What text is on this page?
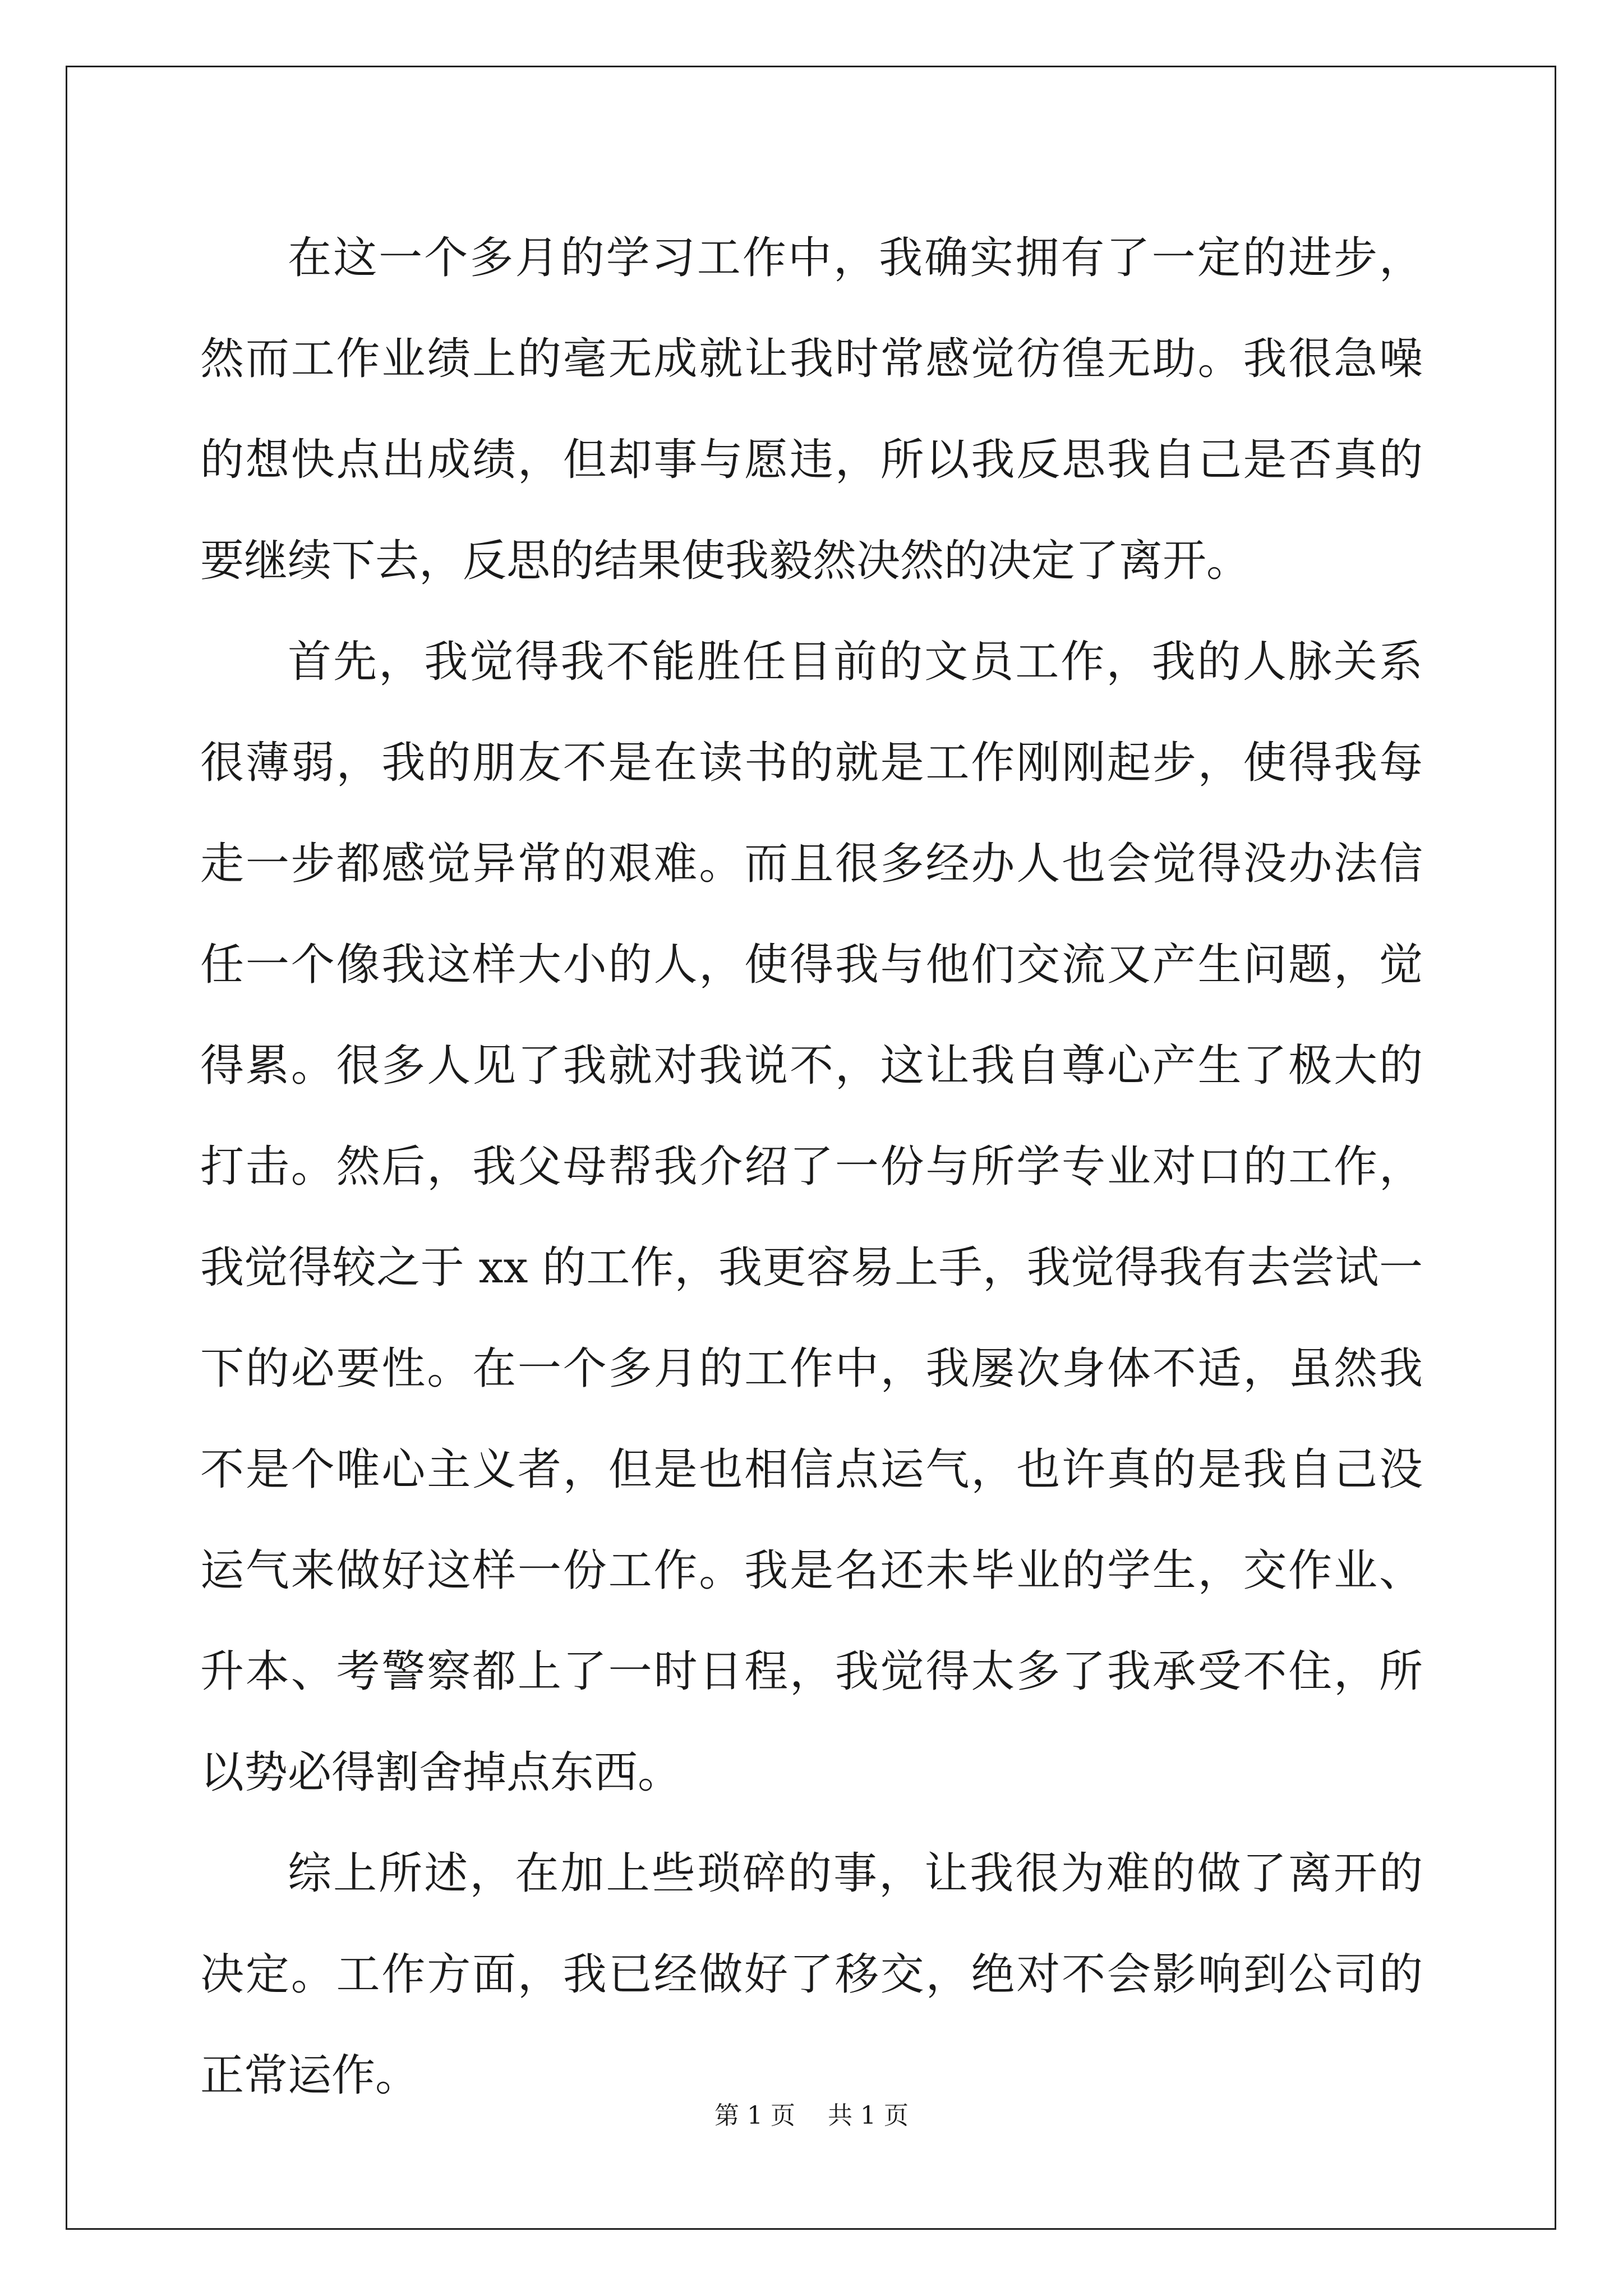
在这一个多月的学习工作中，我确实拥有了一定的进步，然而工作业绩上的毫无成就让我时常感觉彷徨无助。我很急噪的想快点出成绩，但却事与愿违，所以我反思我自己是否真的要继续下去，反思的结果使我毅然决然的决定了离开。

首先，我觉得我不能胜任目前的文员工作，我的人脉关系很薄弱，我的朋友不是在读书的就是工作刚刚起步，使得我每走一步都感觉异常的艰难。而且很多经办人也会觉得没办法信任一个像我这样大小的人，使得我与他们交流又产生问题，觉得累。很多人见了我就对我说不，这让我自尊心产生了极大的打击。然后，我父母帮我介绍了一份与所学专业对口的工作，我觉得较之于 xx 的工作，我更容易上手，我觉得我有去尝试一下的必要性。在一个多月的工作中，我屡次身体不适，虽然我不是个唯心主义者，但是也相信点运气，也许真的是我自己没运气来做好这样一份工作。我是名还未毕业的学生，交作业、升本、考警察都上了一时日程，我觉得太多了我承受不住，所以势必得割舍掉点东西。

综上所述，在加上些琐碎的事，让我很为难的做了离开的决定。工作方面，我已经做好了移交，绝对不会影响到公司的正常运作。

第 1 页 共 1 页
